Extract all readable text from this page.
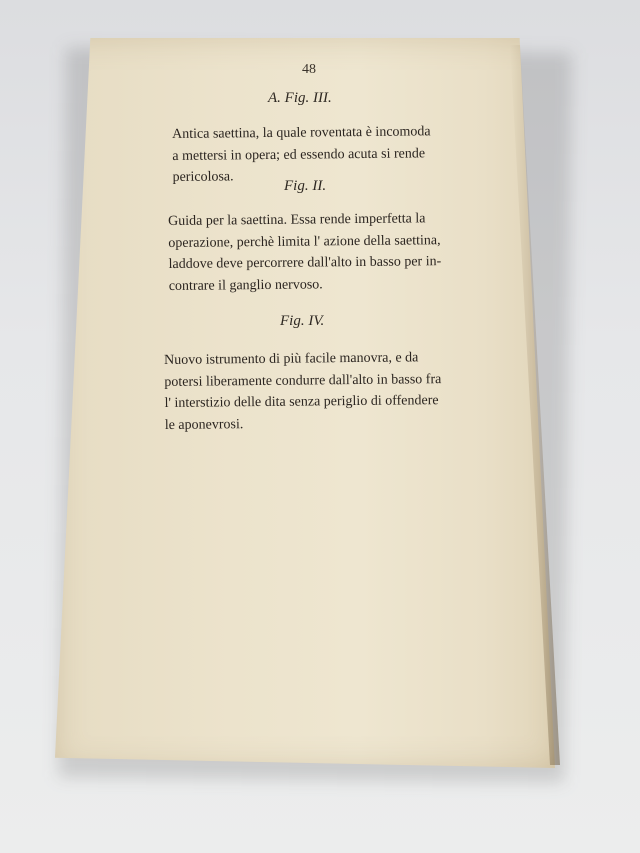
48
A. Fig. III.
Antica saettina, la quale roventata è incomoda
a mettersi in opera; ed essendo acuta si rende
pericolosa.
Fig. II.
Guida per la saettina. Essa rende imperfetta la
operazione, perchè limita l' azione della saettina,
laddove deve percorrere dall'alto in basso per in-
contrare il ganglio nervoso.
Fig. IV.
Nuovo istrumento di più facile manovra, e da
potersi liberamente condurre dall'alto in basso fra
l' interstizio delle dita senza periglio di offendere
le aponevrosi.
